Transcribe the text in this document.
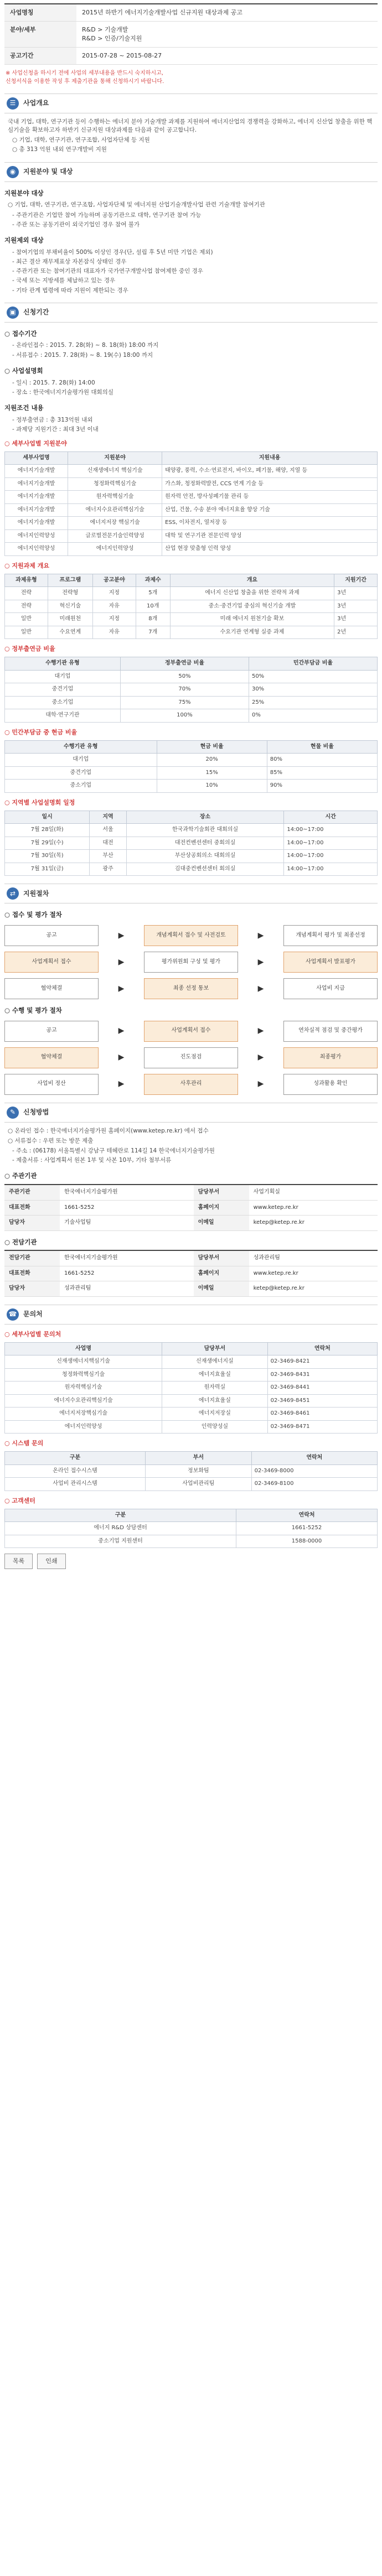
사업명칭	2015년 하반기 에너지기술개발사업 신규지원 대상과제 공고
분야/세부	R&D > 기술개발
R&D > 인증/기술지원

공고기간	2015-07-28 ~ 2015-08-27
※ 사업신청을 하시기 전에 사업의 세부내용을 반드시 숙지하시고,
신청서식을 이용한 작성 후 제출기관을 통해 신청하시기 바랍니다.
☰	사업개요

국내 기업, 대학, 연구기관 등이 수행하는 에너지 분야 기술개발 과제를 지원하여 에너지산업의 경쟁력을 강화하고, 에너지 신산업 창출을 위한 핵심기술을 확보하고자 하반기 신규지원 대상과제를 다음과 같이 공고합니다.

○ 기업, 대학, 연구기관, 연구조합, 사업자단체 등 지원

○ 총 313 억원 내외 연구개발비 지원

◉	지원분야 및 대상
지원분야 대상

○ 기업, 대학, 연구기관, 연구조합, 사업자단체 및 에너지원 산업기술개발사업 관련 기술개발 참여기관

- 주관기관은 기업만 참여 가능하며 공동기관으로 대학, 연구기관 참여 가능

- 주관 또는 공동기관이 외국기업인 경우 참여 불가

지원제외 대상

- 참여기업의 부채비율이 500% 이상인 경우(단, 설립 후 5년 미만 기업은 제외)

- 최근 결산 재무제표상 자본잠식 상태인 경우

- 주관기관 또는 참여기관의 대표자가 국가연구개발사업 참여제한 중인 경우

- 국세 또는 지방세를 체납하고 있는 경우

- 기타 관계 법령에 따라 지원이 제한되는 경우

▣	신청기간
○ 접수기간

- 온라인접수 : 2015. 7. 28(화) ~ 8. 18(화) 18:00 까지

- 서류접수 : 2015. 7. 28(화) ~ 8. 19(수) 18:00 까지

○ 사업설명회

- 일시 : 2015. 7. 28(화) 14:00

- 장소 : 한국에너지기술평가원 대회의실

지원조건 내용

- 정부출연금 : 총 313억원 내외

- 과제당 지원기간 : 최대 3년 이내

○ 세부사업별 지원분야
세부사업명	지원분야	지원내용
에너지기술개발	신재생에너지 핵심기술	태양광, 풍력, 수소·연료전지, 바이오, 폐기물, 해양, 지열 등
에너지기술개발	청정화력핵심기술	가스화, 청정화력발전, CCS 연계 기술 등
에너지기술개발	원자력핵심기술	원자력 안전, 방사성폐기물 관리 등
에너지기술개발	에너지수요관리핵심기술	산업, 건물, 수송 분야 에너지효율 향상 기술
에너지기술개발	에너지저장 핵심기술	ESS, 이차전지, 열저장 등
에너지인력양성	글로벌전문기술인력양성	대학 및 연구기관 전문인력 양성
에너지인력양성	에너지인력양성	산업 현장 맞춤형 인력 양성
○ 지원과제 개요
과제유형	프로그램	공고분야	과제수	개요	지원기간
전략	전략형	지정	5개	에너지 신산업 창출을 위한 전략적 과제	3년
전략	혁신기술	자유	10개	중소·중견기업 중심의 혁신기술 개발	3년
일반	미래원천	지정	8개	미래 에너지 원천기술 확보	3년
일반	수요연계	자유	7개	수요기관 연계형 실증 과제	2년
○ 정부출연금 비율
수행기관 유형	정부출연금 비율	민간부담금 비율
대기업	50%	50%
중견기업	70%	30%
중소기업	75%	25%
대학·연구기관	100%	0%
○ 민간부담금 중 현금 비율
수행기관 유형	현금 비율	현물 비율
대기업	20%	80%
중견기업	15%	85%
중소기업	10%	90%
○ 지역별 사업설명회 일정
일시	지역	장소	시간
7월 28일(화)	서울	한국과학기술회관 대회의실	14:00~17:00
7월 29일(수)	대전	대전컨벤션센터 중회의실	14:00~17:00
7월 30일(목)	부산	부산상공회의소 대회의실	14:00~17:00
7월 31일(금)	광주	김대중컨벤션센터 회의실	14:00~17:00
⇄	지원절차
○ 접수 및 평가 절차
공고	▶	개념계획서 접수 및 사전검토	▶	개념계획서 평가 및 최종선정
사업계획서 접수	▶	평가위원회 구성 및 평가	▶	사업계획서 발표평가
협약체결	▶	최종 선정 통보	▶	사업비 지급
○ 수행 및 평가 절차
공고	▶	사업계획서 접수	▶	연차실적 점검 및 중간평가
협약체결	▶	진도점검	▶	최종평가
사업비 정산	▶	사후관리	▶	성과활용 확인
✎	신청방법

○ 온라인 접수 : 한국에너지기술평가원 홈페이지(www.ketep.re.kr) 에서 접수

○ 서류접수 : 우편 또는 방문 제출

- 주소 : (06178) 서울특별시 강남구 테헤란로 114길 14 한국에너지기술평가원

- 제출서류 : 사업계획서 원본 1부 및 사본 10부, 기타 첨부서류

○ 주관기관
주관기관	한국에너지기술평가원	담당부서	사업기획실
대표전화	1661-5252	홈페이지	www.ketep.re.kr
담당자	기술사업팀	이메일	ketep@ketep.re.kr
○ 전담기관
전담기관	한국에너지기술평가원	담당부서	성과관리팀
대표전화	1661-5252	홈페이지	www.ketep.re.kr
담당자	성과관리팀	이메일	ketep@ketep.re.kr
☎ 문의처
○ 세부사업별 문의처
사업명	담당부서	연락처
신재생에너지핵심기술	신재생에너지실	02-3469-8421
청정화력핵심기술	에너지효율실	02-3469-8431
원자력핵심기술	원자력실	02-3469-8441
에너지수요관리핵심기술	에너지효율실	02-3469-8451
에너지저장핵심기술	에너지저장실	02-3469-8461
에너지인력양성	인력양성실	02-3469-8471
○ 시스템 문의
구분	부서	연락처
온라인 접수시스템	정보화팀	02-3469-8000
사업비 관리시스템	사업비관리팀	02-3469-8100
○ 고객센터
구분	연락처
에너지 R&D 상담센터	1661-5252
중소기업 지원센터	1588-0000
목록	인쇄
